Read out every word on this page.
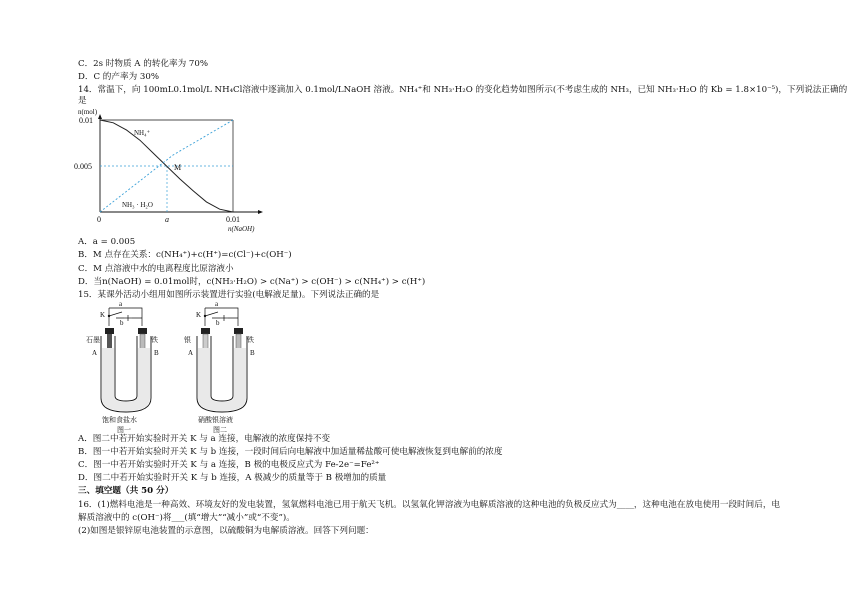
C．2s 时物质 A 的转化率为 70%
D．C 的产率为 30%
14．常温下，向 100mL0.1mol/L NH₄Cl溶液中逐滴加入 0.1mol/LNaOH 溶液。NH₄⁺和 NH₃·H₂O 的变化趋势如图所示(不考虑生成的 NH₃，已知 NH₃·H₂O 的 Kb = 1.8×10⁻⁵)，下列说法正确的
是
n(mol)
0.01
0.005
0	a	0.01
n(NaOH)
M
NH₄⁺
NH₃ · H₂O
A．a = 0.005
B．M 点存在关系：c(NH₄⁺)+c(H⁺)=c(Cl⁻)+c(OH⁻)
C．M 点溶液中水的电离程度比原溶液小
D．当n(NaOH) = 0.01mol时，c(NH₃·H₂O) > c(Na⁺) > c(OH⁻) > c(NH₄⁺) > c(H⁺)
15．某课外活动小组用如图所示装置进行实验(电解液足量)。下列说法正确的是
a
K
b
石墨	铁
A	B
饱和食盐水
图一
a
K
b
银	铁
A	B
硝酸银溶液
图二
A．图二中若开始实验时开关 K 与 a 连接，电解液的浓度保持不变
B．图一中若开始实验时开关 K 与 b 连接，一段时间后向电解液中加适量稀盐酸可使电解液恢复到电解前的浓度
C．图一中若开始实验时开关 K 与 a 连接，B 极的电极反应式为 Fe-2e⁻=Fe²⁺
D．图二中若开始实验时开关 K 与 b 连接，A 极减少的质量等于 B 极增加的质量
三、填空题（共 50 分）
16．(1)燃料电池是一种高效、环境友好的发电装置，氢氧燃料电池已用于航天飞机。以氢氧化钾溶液为电解质溶液的这种电池的负极反应式为____，这种电池在放电使用一段时间后，电
解质溶液中的 c(OH⁻)将___(填“增大”“减小”或“不变”)。
(2)如图是银锌原电池装置的示意图，以硫酸铜为电解质溶液。回答下列问题：
